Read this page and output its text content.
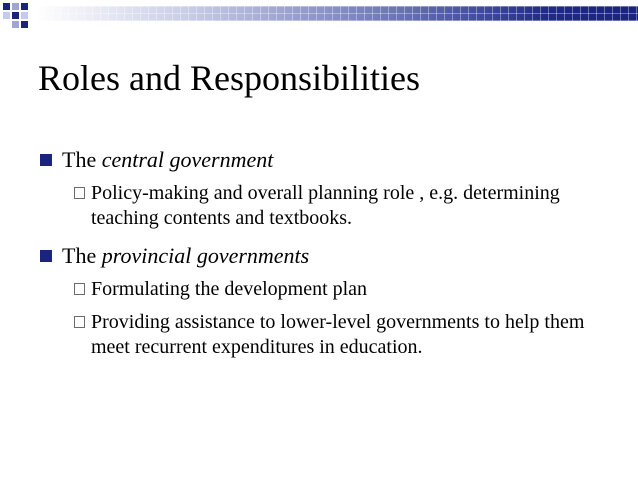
Roles and Responsibilities
The central government
Policy-making and overall planning role , e.g. determining teaching contents and textbooks.
The provincial governments
Formulating the development plan
Providing assistance to lower-level governments to help them meet recurrent expenditures in education.
